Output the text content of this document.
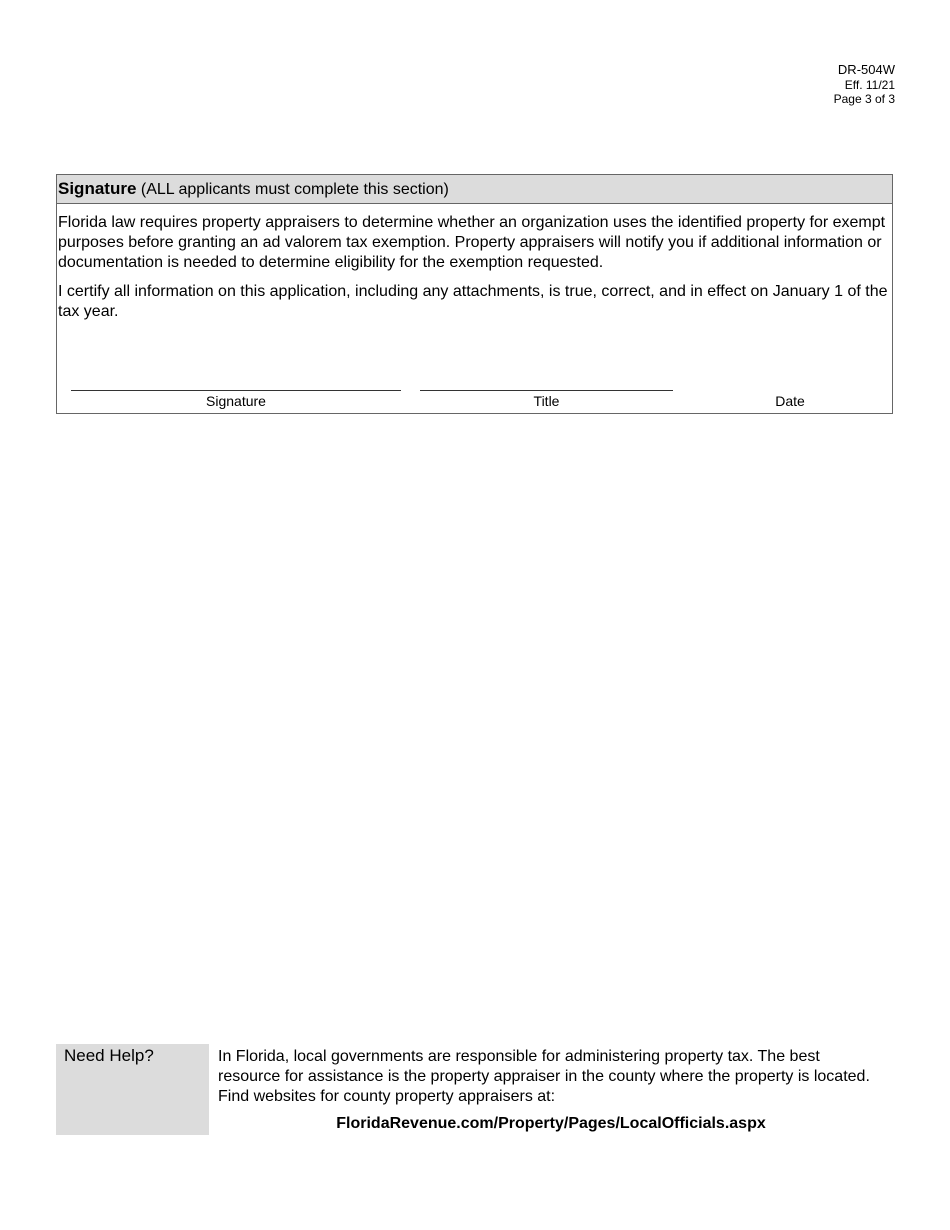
DR-504W
Eff. 11/21
Page 3 of 3
Signature (ALL applicants must complete this section)

Florida law requires property appraisers to determine whether an organization uses the identified property for exempt purposes before granting an ad valorem tax exemption. Property appraisers will notify you if additional information or documentation is needed to determine eligibility for the exemption requested.

I certify all information on this application, including any attachments, is true, correct, and in effect on January 1 of the tax year.

Signature	Title	Date
Need Help?	In Florida, local governments are responsible for administering property tax. The best resource for assistance is the property appraiser in the county where the property is located. Find websites for county property appraisers at:
FloridaRevenue.com/Property/Pages/LocalOfficials.aspx
